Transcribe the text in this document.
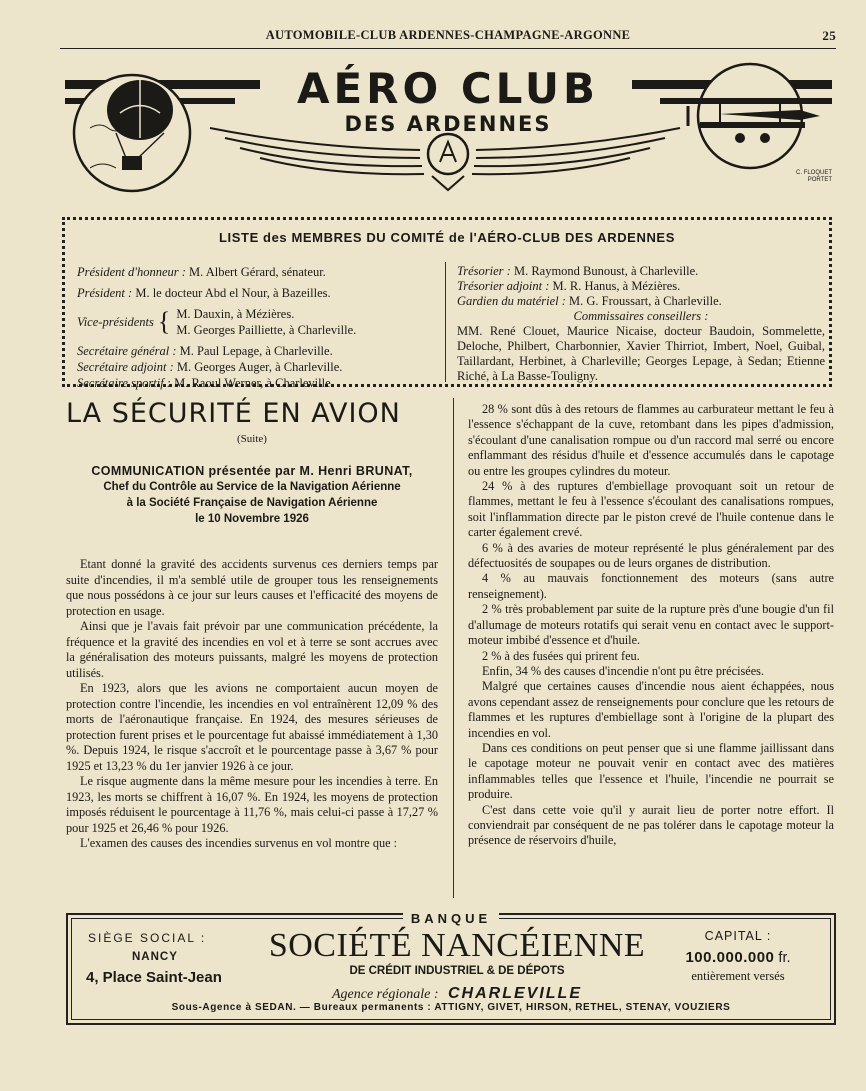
AUTOMOBILE-CLUB ARDENNES-CHAMPAGNE-ARGONNE	25
AÉRO CLUB
DES ARDENNES
C. FLOQUET
PORTET
LISTE des MEMBRES DU COMITÉ de l'AÉRO-CLUB DES ARDENNES
Président d'honneur : M. Albert Gérard, sénateur.
Président : M. le docteur Abd el Nour, à Bazeilles.
Vice-présidents { M. Dauxin, à Mézières.
M. Georges Pailliette, à Charleville.
Secrétaire général : M. Paul Lepage, à Charleville.
Secrétaire adjoint : M. Georges Auger, à Charleville.
Secrétaire sportif : M. Raoul Werner, à Charleville.
Trésorier : M. Raymond Bunoust, à Charleville.
Trésorier adjoint : M. R. Hanus, à Mézières.
Gardien du matériel : M. G. Froussart, à Charleville.
Commissaires conseillers :
MM. René Clouet, Maurice Nicaise, docteur Baudoin, Sommelette, Deloche, Philbert, Charbonnier, Xavier Thirriot, Imbert, Noel, Guibal, Taillardant, Herbinet, à Charleville; Georges Lepage, à Sedan; Etienne Riché, à La Basse-Touligny.
LA SÉCURITÉ EN AVION
(Suite)
COMMUNICATION présentée par M. Henri BRUNAT,
Chef du Contrôle au Service de la Navigation Aérienne
à la Société Française de Navigation Aérienne
le 10 Novembre 1926

Etant donné la gravité des accidents survenus ces derniers temps par suite d'incendies, il m'a semblé utile de grouper tous les renseignements que nous possédons à ce jour sur leurs causes et l'efficacité des moyens de protection en usage.

Ainsi que je l'avais fait prévoir par une communication précédente, la fréquence et la gravité des incendies en vol et à terre se sont accrues avec la généralisation des moteurs puissants, malgré les moyens de protection utilisés.

En 1923, alors que les avions ne comportaient aucun moyen de protection contre l'incendie, les incendies en vol entraînèrent 12,09 % des morts de l'aéronautique française. En 1924, des mesures sérieuses de protection furent prises et le pourcentage fut abaissé immédiatement à 1,30 %. Depuis 1924, le risque s'accroît et le pourcentage passe à 3,67 % pour 1925 et 13,23 % du 1er janvier 1926 à ce jour.

Le risque augmente dans la même mesure pour les incendies à terre. En 1923, les morts se chiffrent à 16,07 %. En 1924, les moyens de protection imposés réduisent le pourcentage à 11,76 %, mais celui-ci passe à 17,27 % pour 1925 et 26,46 % pour 1926.

L'examen des causes des incendies survenus en vol montre que :

28 % sont dûs à des retours de flammes au carburateur mettant le feu à l'essence s'échappant de la cuve, retombant dans les pipes d'admission, s'écoulant d'une canalisation rompue ou d'un raccord mal serré ou encore enflammant des résidus d'huile et d'essence accumulés dans le capotage ou entre les groupes cylindres du moteur.

24 % à des ruptures d'embiellage provoquant soit un retour de flammes, mettant le feu à l'essence s'écoulant des canalisations rompues, soit l'inflammation directe par le piston crevé de l'huile contenue dans le carter également crevé.

6 % à des avaries de moteur représenté le plus généralement par des défectuosités de soupapes ou de leurs organes de distribution.

4 % au mauvais fonctionnement des moteurs (sans autre renseignement).

2 % très probablement par suite de la rupture près d'une bougie d'un fil d'allumage de moteurs rotatifs qui serait venu en contact avec le support-moteur imbibé d'essence et d'huile.

2 % à des fusées qui prirent feu.

Enfin, 34 % des causes d'incendie n'ont pu être précisées.

Malgré que certaines causes d'incendie nous aient échappées, nous avons cependant assez de renseignements pour conclure que les retours de flammes et les ruptures d'embiellage sont à l'origine de la plupart des incendies en vol.

Dans ces conditions on peut penser que si une flamme jaillissant dans le capotage moteur ne pouvait venir en contact avec des matières inflammables telles que l'essence et l'huile, l'incendie ne pourrait se produire.

C'est dans cette voie qu'il y aurait lieu de porter notre effort. Il conviendrait par conséquent de ne pas tolérer dans le capotage moteur la présence de réservoirs d'huile,

BANQUE
SIÈGE SOCIAL :
NANCY
4, Place Saint-Jean
SOCIÉTÉ NANCÉIENNE
DE CRÉDIT INDUSTRIEL & DE DÉPOTS
Agence régionale : CHARLEVILLE
CAPITAL :
100.000.000 fr.
entièrement versés
Sous-Agence à SEDAN. — Bureaux permanents : ATTIGNY, GIVET, HIRSON, RETHEL, STENAY, VOUZIERS
